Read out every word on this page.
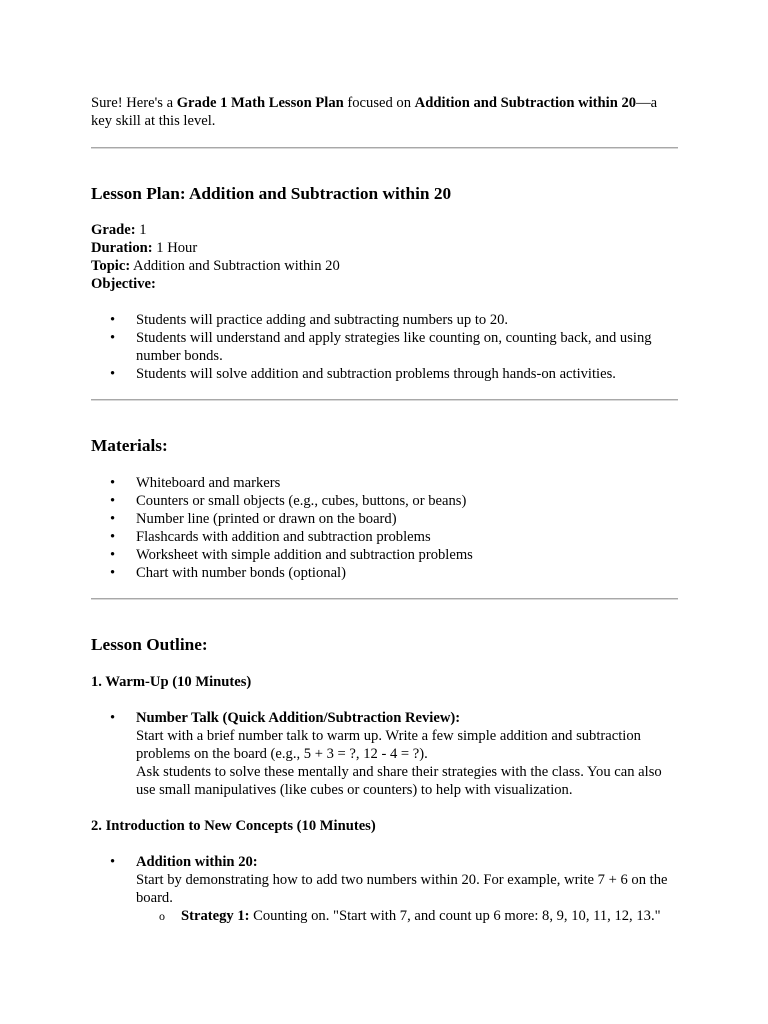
Sure! Here's a Grade 1 Math Lesson Plan focused on Addition and Subtraction within 20—a key skill at this level.

Lesson Plan: Addition and Subtraction within 20

Grade: 1

Duration: 1 Hour

Topic: Addition and Subtraction within 20

Objective:

• Students will practice adding and subtracting numbers up to 20.
• Students will understand and apply strategies like counting on, counting back, and using number bonds.
• Students will solve addition and subtraction problems through hands-on activities.
Materials:
• Whiteboard and markers
• Counters or small objects (e.g., cubes, buttons, or beans)
• Number line (printed or drawn on the board)
• Flashcards with addition and subtraction problems
• Worksheet with simple addition and subtraction problems
• Chart with number bonds (optional)
Lesson Outline:
1. Warm-Up (10 Minutes)
• Number Talk (Quick Addition/Subtraction Review):
Start with a brief number talk to warm up. Write a few simple addition and subtraction problems on the board (e.g., 5 + 3 = ?, 12 - 4 = ?).
Ask students to solve these mentally and share their strategies with the class. You can also use small manipulatives (like cubes or counters) to help with visualization.
2. Introduction to New Concepts (10 Minutes)
• Addition within 20:
Start by demonstrating how to add two numbers within 20. For example, write 7 + 6 on the board.
o Strategy 1: Counting on. "Start with 7, and count up 6 more: 8, 9, 10, 11, 12, 13."
